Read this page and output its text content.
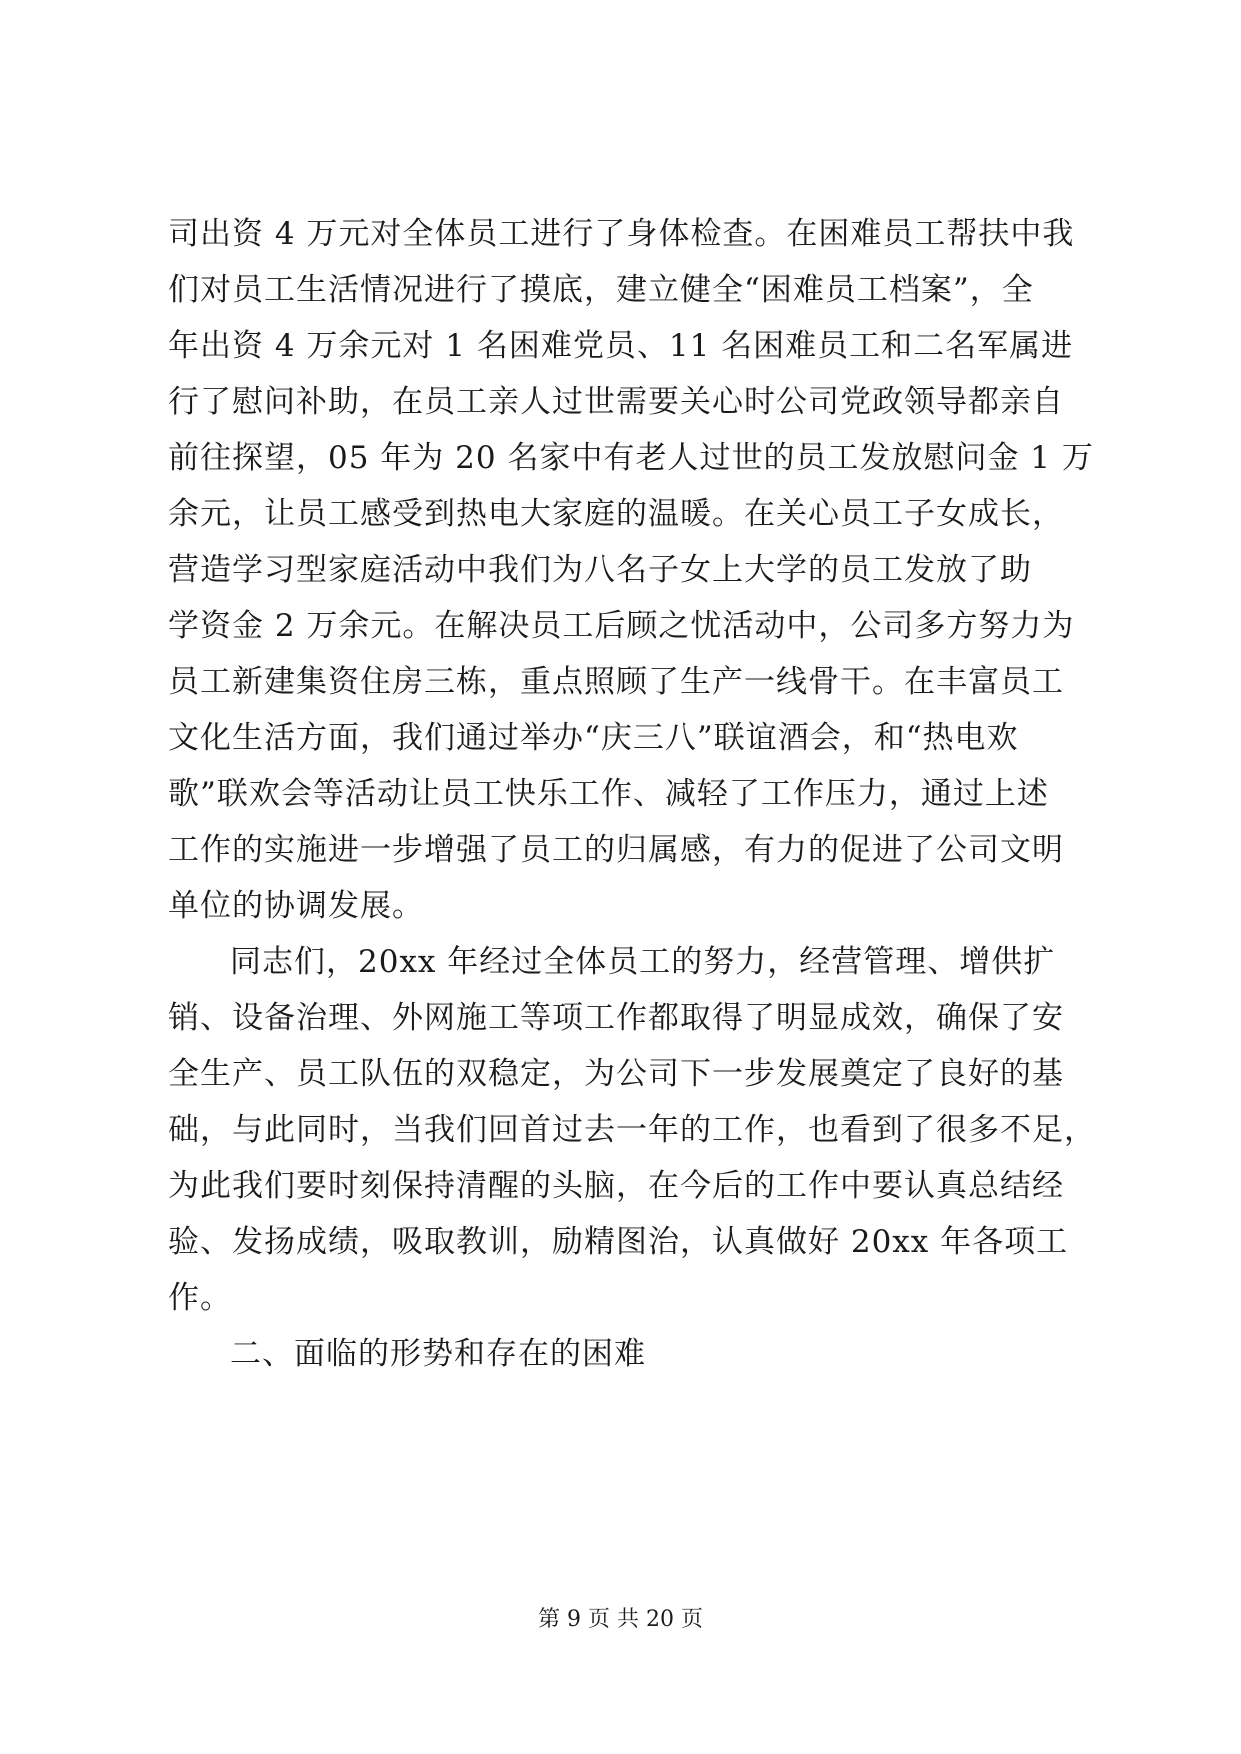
司出资 4 万元对全体员工进行了身体检查。在困难员工帮扶中我
们对员工生活情况进行了摸底，建立健全“困难员工档案”，全
年出资 4 万余元对 1 名困难党员、11 名困难员工和二名军属进
行了慰问补助，在员工亲人过世需要关心时公司党政领导都亲自
前往探望，05 年为 20 名家中有老人过世的员工发放慰问金 1 万
余元，让员工感受到热电大家庭的温暖。在关心员工子女成长，
营造学习型家庭活动中我们为八名子女上大学的员工发放了助
学资金 2 万余元。在解决员工后顾之忧活动中，公司多方努力为
员工新建集资住房三栋，重点照顾了生产一线骨干。在丰富员工
文化生活方面，我们通过举办“庆三八”联谊酒会，和“热电欢
歌”联欢会等活动让员工快乐工作、减轻了工作压力，通过上述
工作的实施进一步增强了员工的归属感，有力的促进了公司文明
单位的协调发展。
同志们，20xx 年经过全体员工的努力，经营管理、增供扩
销、设备治理、外网施工等项工作都取得了明显成效，确保了安
全生产、员工队伍的双稳定，为公司下一步发展奠定了良好的基
础，与此同时，当我们回首过去一年的工作，也看到了很多不足，
为此我们要时刻保持清醒的头脑，在今后的工作中要认真总结经
验、发扬成绩，吸取教训，励精图治，认真做好 20xx 年各项工
作。
二、面临的形势和存在的困难
第 9 页 共 20 页
